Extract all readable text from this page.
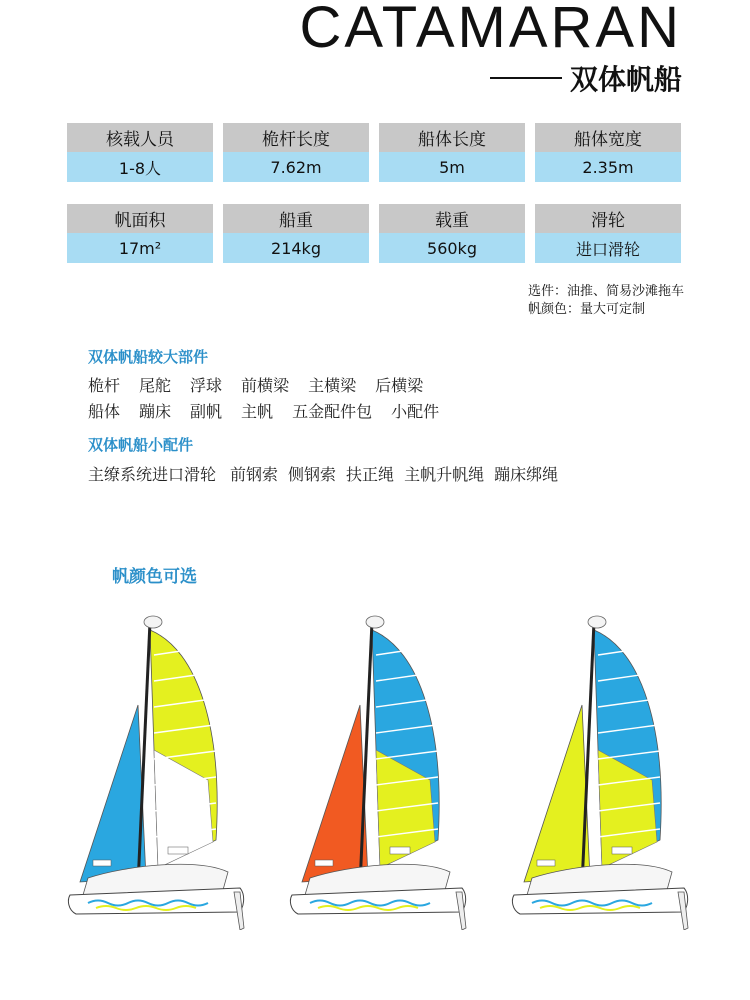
CATAMARAN
双体帆船
核载人员
1-8人
桅杆长度
7.62m
船体长度
5m
船体宽度
2.35m
帆面积
17m²
船重
214kg
载重
560kg
滑轮
进口滑轮
选件：油推、简易沙滩拖车
帆颜色：量大可定制
双体帆船较大部件
桅杆 尾舵 浮球 前横梁 主横梁 后横梁
船体 蹦床 副帆 主帆 五金配件包 小配件
双体帆船小配件
主缭系统进口滑轮 前钢索 侧钢索 扶正绳 主帆升帆绳 蹦床绑绳
帆颜色可选
